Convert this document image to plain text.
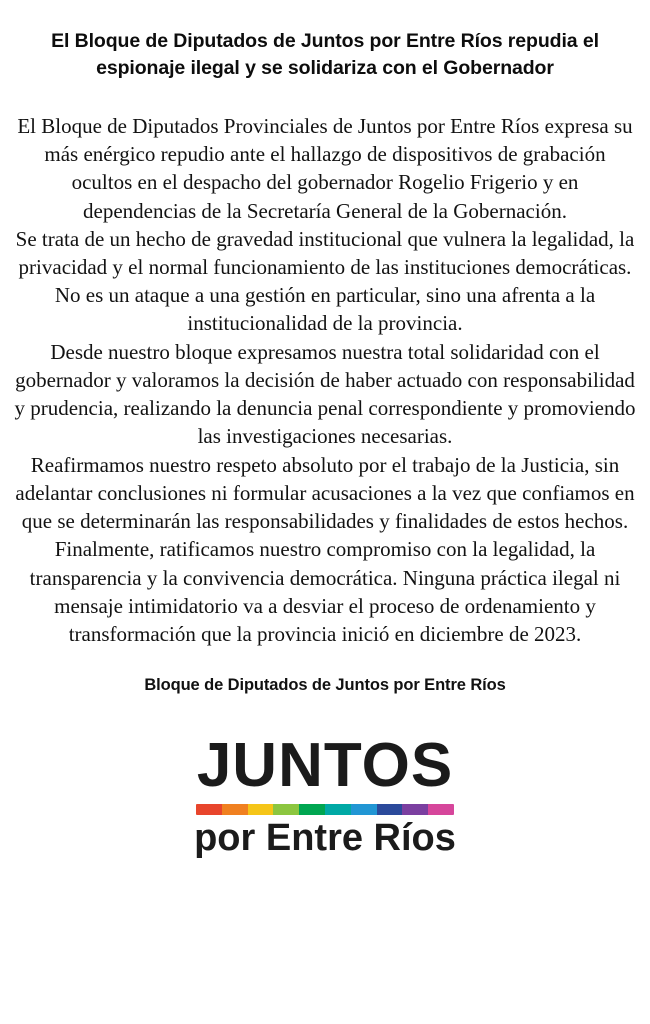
El Bloque de Diputados de Juntos por Entre Ríos repudia el espionaje ilegal y se solidariza con el Gobernador

El Bloque de Diputados Provinciales de Juntos por Entre Ríos expresa su más enérgico repudio ante el hallazgo de dispositivos de grabación ocultos en el despacho del gobernador Rogelio Frigerio y en dependencias de la Secretaría General de la Gobernación.

Se trata de un hecho de gravedad institucional que vulnera la legalidad, la privacidad y el normal funcionamiento de las instituciones democráticas. No es un ataque a una gestión en particular, sino una afrenta a la institucionalidad de la provincia.

Desde nuestro bloque expresamos nuestra total solidaridad con el gobernador y valoramos la decisión de haber actuado con responsabilidad y prudencia, realizando la denuncia penal correspondiente y promoviendo las investigaciones necesarias.

Reafirmamos nuestro respeto absoluto por el trabajo de la Justicia, sin adelantar conclusiones ni formular acusaciones a la vez que confiamos en que se determinarán las responsabilidades y finalidades de estos hechos.

Finalmente, ratificamos nuestro compromiso con la legalidad, la transparencia y la convivencia democrática. Ninguna práctica ilegal ni mensaje intimidatorio va a desviar el proceso de ordenamiento y transformación que la provincia inició en diciembre de 2023.

Bloque de Diputados de Juntos por Entre Ríos
JUNTOS
por Entre Ríos
